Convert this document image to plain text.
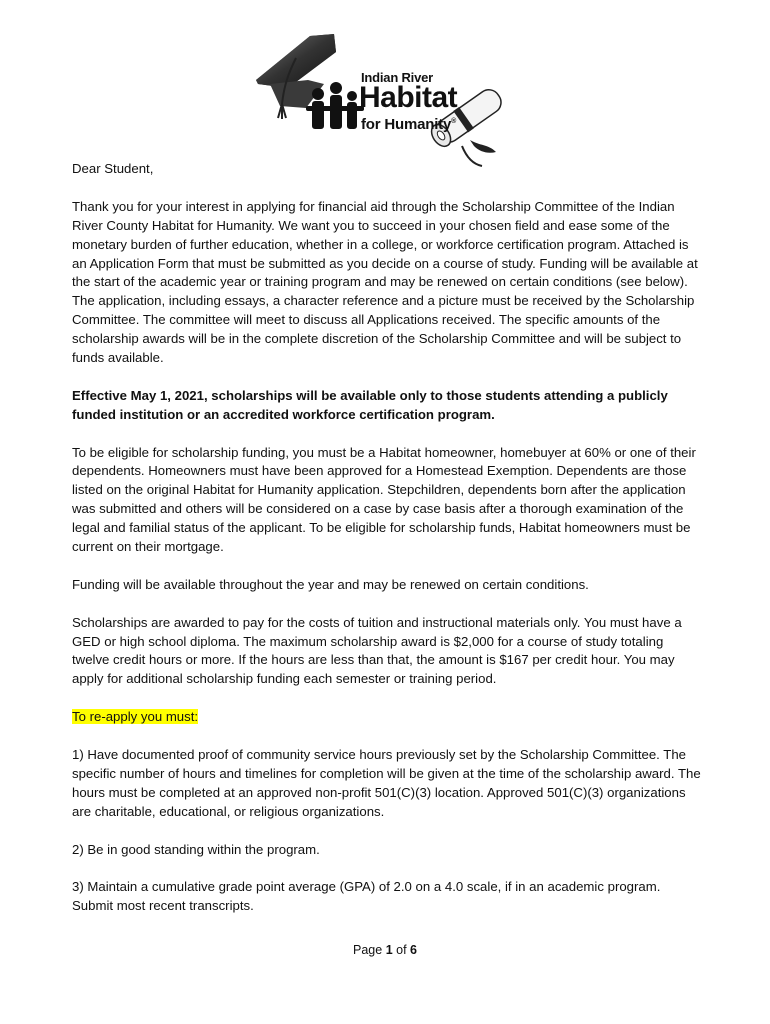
Indian River
Habitat
for Humanity®

Dear Student,

Thank you for your interest in applying for financial aid through the Scholarship Committee of the Indian River County Habitat for Humanity. We want you to succeed in your chosen field and ease some of the monetary burden of further education, whether in a college, or workforce certification program. Attached is an Application Form that must be submitted as you decide on a course of study. Funding will be available at the start of the academic year or training program and may be renewed on certain conditions (see below). The application, including essays, a character reference and a picture must be received by the Scholarship Committee. The committee will meet to discuss all Applications received. The specific amounts of the scholarship awards will be in the complete discretion of the Scholarship Committee and will be subject to funds available.

Effective May 1, 2021, scholarships will be available only to those students attending a publicly funded institution or an accredited workforce certification program.

To be eligible for scholarship funding, you must be a Habitat homeowner, homebuyer at 60% or one of their dependents. Homeowners must have been approved for a Homestead Exemption. Dependents are those listed on the original Habitat for Humanity application. Stepchildren, dependents born after the application was submitted and others will be considered on a case by case basis after a thorough examination of the legal and familial status of the applicant. To be eligible for scholarship funds, Habitat homeowners must be current on their mortgage.

Funding will be available throughout the year and may be renewed on certain conditions.

Scholarships are awarded to pay for the costs of tuition and instructional materials only. You must have a GED or high school diploma. The maximum scholarship award is $2,000 for a course of study totaling twelve credit hours or more. If the hours are less than that, the amount is $167 per credit hour. You may apply for additional scholarship funding each semester or training period.

To re-apply you must:

1) Have documented proof of community service hours previously set by the Scholarship Committee. The specific number of hours and timelines for completion will be given at the time of the scholarship award. The hours must be completed at an approved non-profit 501(C)(3) location. Approved 501(C)(3) organizations are charitable, educational, or religious organizations.

2) Be in good standing within the program.

3) Maintain a cumulative grade point average (GPA) of 2.0 on a 4.0 scale, if in an academic program. Submit most recent transcripts.

Page 1 of 6
